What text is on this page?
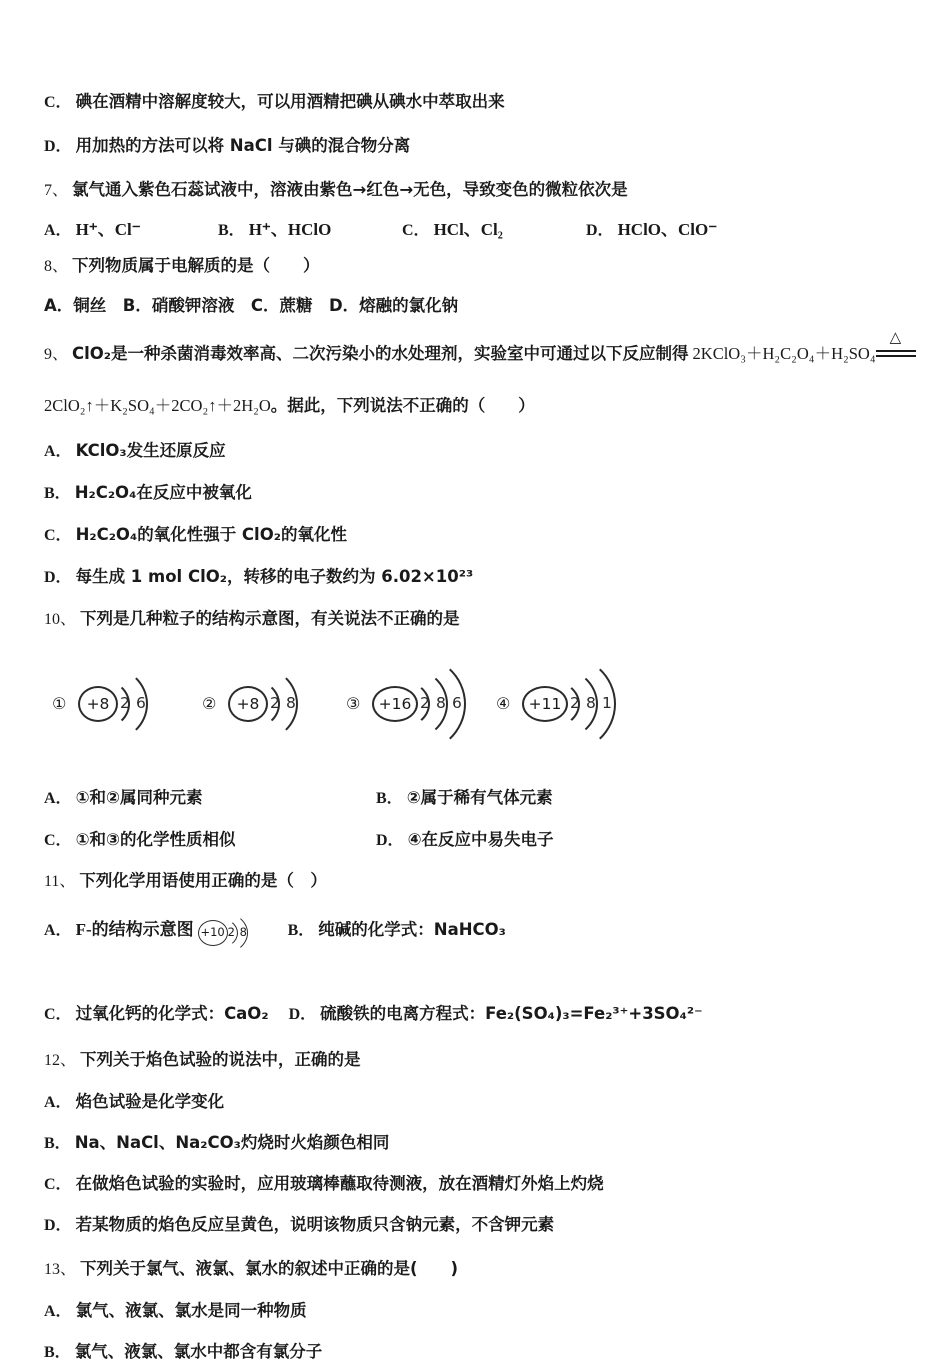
C． 碘在酒精中溶解度较大，可以用酒精把碘从碘水中萃取出来
D． 用加热的方法可以将 NaCl 与碘的混合物分离
7、 氯气通入紫色石蕊试液中，溶液由紫色→红色→无色，导致变色的微粒依次是
A． H⁺、Cl⁻	B． H⁺、HClO	C． HCl、Cl₂	D． HClO、ClO⁻
8、 下列物质属于电解质的是（　　）
A．铜丝　B．硝酸钾溶液　C．蔗糖　D．熔融的氯化钠
9、 ClO₂是一种杀菌消毒效率高、二次污染小的水处理剂，实验室中可通过以下反应制得 2KClO₃＋H₂C₂O₄＋H₂SO₄
△
2ClO₂↑＋K₂SO₄＋2CO₂↑＋2H₂O。据此，下列说法不正确的（　　）
A． KClO₃发生还原反应
B． H₂C₂O₄在反应中被氧化
C． H₂C₂O₄的氧化性强于 ClO₂的氧化性
D． 每生成 1 mol ClO₂，转移的电子数约为 6.02×10²³
10、 下列是几种粒子的结构示意图，有关说法不正确的是
①	+8 2 6	②	+8 2 8	③	+16 2 8 6 ④	+11 2 8 1
A． ①和②属同种元素	B． ②属于稀有气体元素
C． ①和③的化学性质相似	D． ④在反应中易失电子
11、 下列化学用语使用正确的是（　）
A． F-的结构示意图 +10 2 8	B． 纯碱的化学式：NaHCO₃
C． 过氧化钙的化学式：CaO₂ D． 硫酸铁的电离方程式：Fe₂(SO₄)₃=Fe₂³⁺+3SO₄²⁻
12、 下列关于焰色试验的说法中，正确的是
A． 焰色试验是化学变化
B． Na、NaCl、Na₂CO₃灼烧时火焰颜色相同
C． 在做焰色试验的实验时，应用玻璃棒蘸取待测液，放在酒精灯外焰上灼烧
D． 若某物质的焰色反应呈黄色，说明该物质只含钠元素，不含钾元素
13、 下列关于氯气、液氯、氯水的叙述中正确的是(　　)
A． 氯气、液氯、氯水是同一种物质
B． 氯气、液氯、氯水中都含有氯分子
